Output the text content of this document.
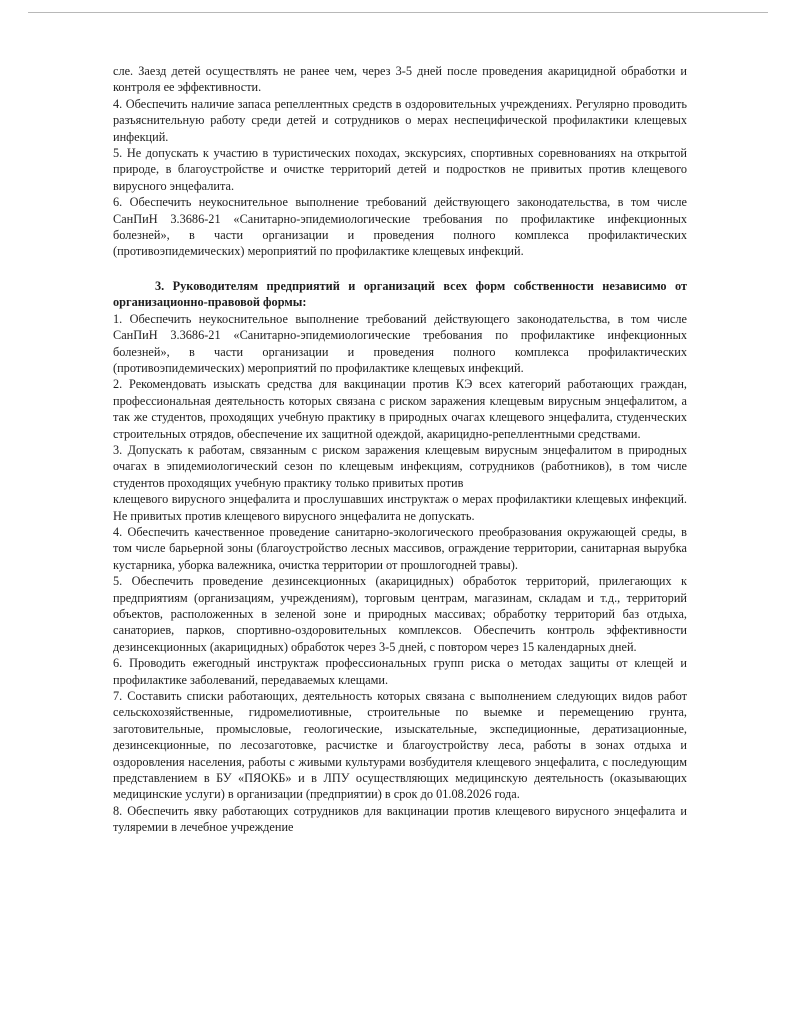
сле. Заезд детей осуществлять не ранее чем, через 3-5 дней после проведения акарицидной обработки и контроля ее эффективности.

4. Обеспечить наличие запаса репеллентных средств в оздоровительных учреждениях. Регулярно проводить разъяснительную работу среди детей и сотрудников о мерах неспецифической профилактики клещевых инфекций.

5. Не допускать к участию в туристических походах, экскурсиях, спортивных соревнованиях на открытой природе, в благоустройстве и очистке территорий детей и подростков не привитых против клещевого вирусного энцефалита.

6. Обеспечить неукоснительное выполнение требований действующего законодательства, в том числе СанПиН 3.3686-21 «Санитарно-эпидемиологические требования по профилактике инфекционных болезней», в части организации и проведения полного комплекса профилактических (противоэпидемических) мероприятий по профилактике клещевых инфекций.

3. Руководителям предприятий и организаций всех форм собственности независимо от организационно-правовой формы:

1. Обеспечить неукоснительное выполнение требований действующего законодательства, в том числе СанПиН 3.3686-21 «Санитарно-эпидемиологические требования по профилактике инфекционных болезней», в части организации и проведения полного комплекса профилактических (противоэпидемических) мероприятий по профилактике клещевых инфекций.

2. Рекомендовать изыскать средства для вакцинации против КЭ всех категорий работающих граждан, профессиональная деятельность которых связана с риском заражения клещевым вирусным энцефалитом, а так же студентов, проходящих учебную практику в природных очагах клещевого энцефалита, студенческих строительных отрядов, обеспечение их защитной одеждой, акарицидно-репеллентными средствами.

3. Допускать к работам, связанным с риском заражения клещевым вирусным энцефалитом в природных очагах в эпидемиологический сезон по клещевым инфекциям, сотрудников (работников), в том числе студентов проходящих учебную практику только привитых против

клещевого вирусного энцефалита и прослушавших инструктаж о мерах профилактики клещевых инфекций. Не привитых против клещевого вирусного энцефалита не допускать.

4. Обеспечить качественное проведение санитарно-экологического преобразования окружающей среды, в том числе барьерной зоны (благоустройство лесных массивов, ограждение территории, санитарная вырубка кустарника, уборка валежника, очистка территории от прошлогодней травы).

5. Обеспечить проведение дезинсекционных (акарицидных) обработок территорий, прилегающих к предприятиям (организациям, учреждениям), торговым центрам, магазинам, складам и т.д., территорий объектов, расположенных в зеленой зоне и природных массивах; обработку территорий баз отдыха, санаториев, парков, спортивно-оздоровительных комплексов. Обеспечить контроль эффективности дезинсекционных (акарицидных) обработок через 3-5 дней, с повтором через 15 календарных дней.

6. Проводить ежегодный инструктаж профессиональных групп риска о методах защиты от клещей и профилактике заболеваний, передаваемых клещами.

7. Составить списки работающих, деятельность которых связана с выполнением следующих видов работ сельскохозяйственные, гидромелиотивные, строительные по выемке и перемещению грунта, заготовительные, промысловые, геологические, изыскательные, экспедиционные, дератизационные, дезинсекционные, по лесозаготовке, расчистке и благоустройству леса, работы в зонах отдыха и оздоровления населения, работы с живыми культурами возбудителя клещевого энцефалита, с последующим представлением в БУ «ПЯОКБ» и в ЛПУ осуществляющих медицинскую деятельность (оказывающих медицинские услуги) в организации (предприятии) в срок до 01.08.2026 года.

8. Обеспечить явку работающих сотрудников для вакцинации против клещевого вирусного энцефалита и туляремии в лечебное учреждение
